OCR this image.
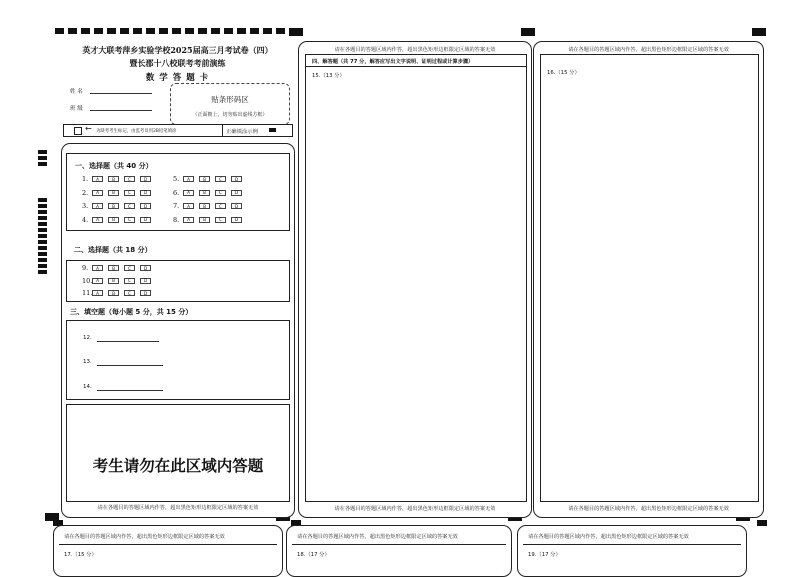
英才大联考萍乡实验学校2025届高三月考试卷（四）
暨长郡十八校联考考前演练
数 学 答 题 卡
姓 名
班 级
贴条形码区
（正面朝上，切勿贴出虚线方框）
← 为缺考考生标记，由监考员用2B铅笔填涂	正确填涂示例
一、选择题（共 40 分）
二、选择题（共 18 分）
三、填空题（每小题 5 分，共 15 分）
12.
13.
14.
考生请勿在此区域内答题
请在各题目的答题区域内作答，超出黑色矩形边框限定区域的答案无效
1.	A	B	C	D	5.	A	B	C	D
2.	A	B	C	D	6.	A	B	C	D
3.	A	B	C	D	7.	A	B	C	D
4.	A	B	C	D	8.	A	B	C	D
9.	A	B	C	D
10. A	B	C	D
11. A	B	C	D
请在各题目的答题区域内作答，超出黑色矩形边框限定区域的答案无效
四、解答题（共 77 分，解答应写出文字说明、证明过程或计算步骤）
15.（13 分）
请在各题目的答题区域内作答，超出黑色矩形边框限定区域的答案无效
请在各题目的答题区域内作答，超出黑色矩形边框限定区域的答案无效
16.（15 分）
请在各题目的答题区域内作答，超出黑色矩形边框限定区域的答案无效
请在各题目的答题区域内作答，超出黑色矩形边框限定区域的答案无效
17.（15 分）
请在各题目的答题区域内作答，超出黑色矩形边框限定区域的答案无效
18.（17 分）
请在各题目的答题区域内作答，超出黑色矩形边框限定区域的答案无效
19.（17 分）
